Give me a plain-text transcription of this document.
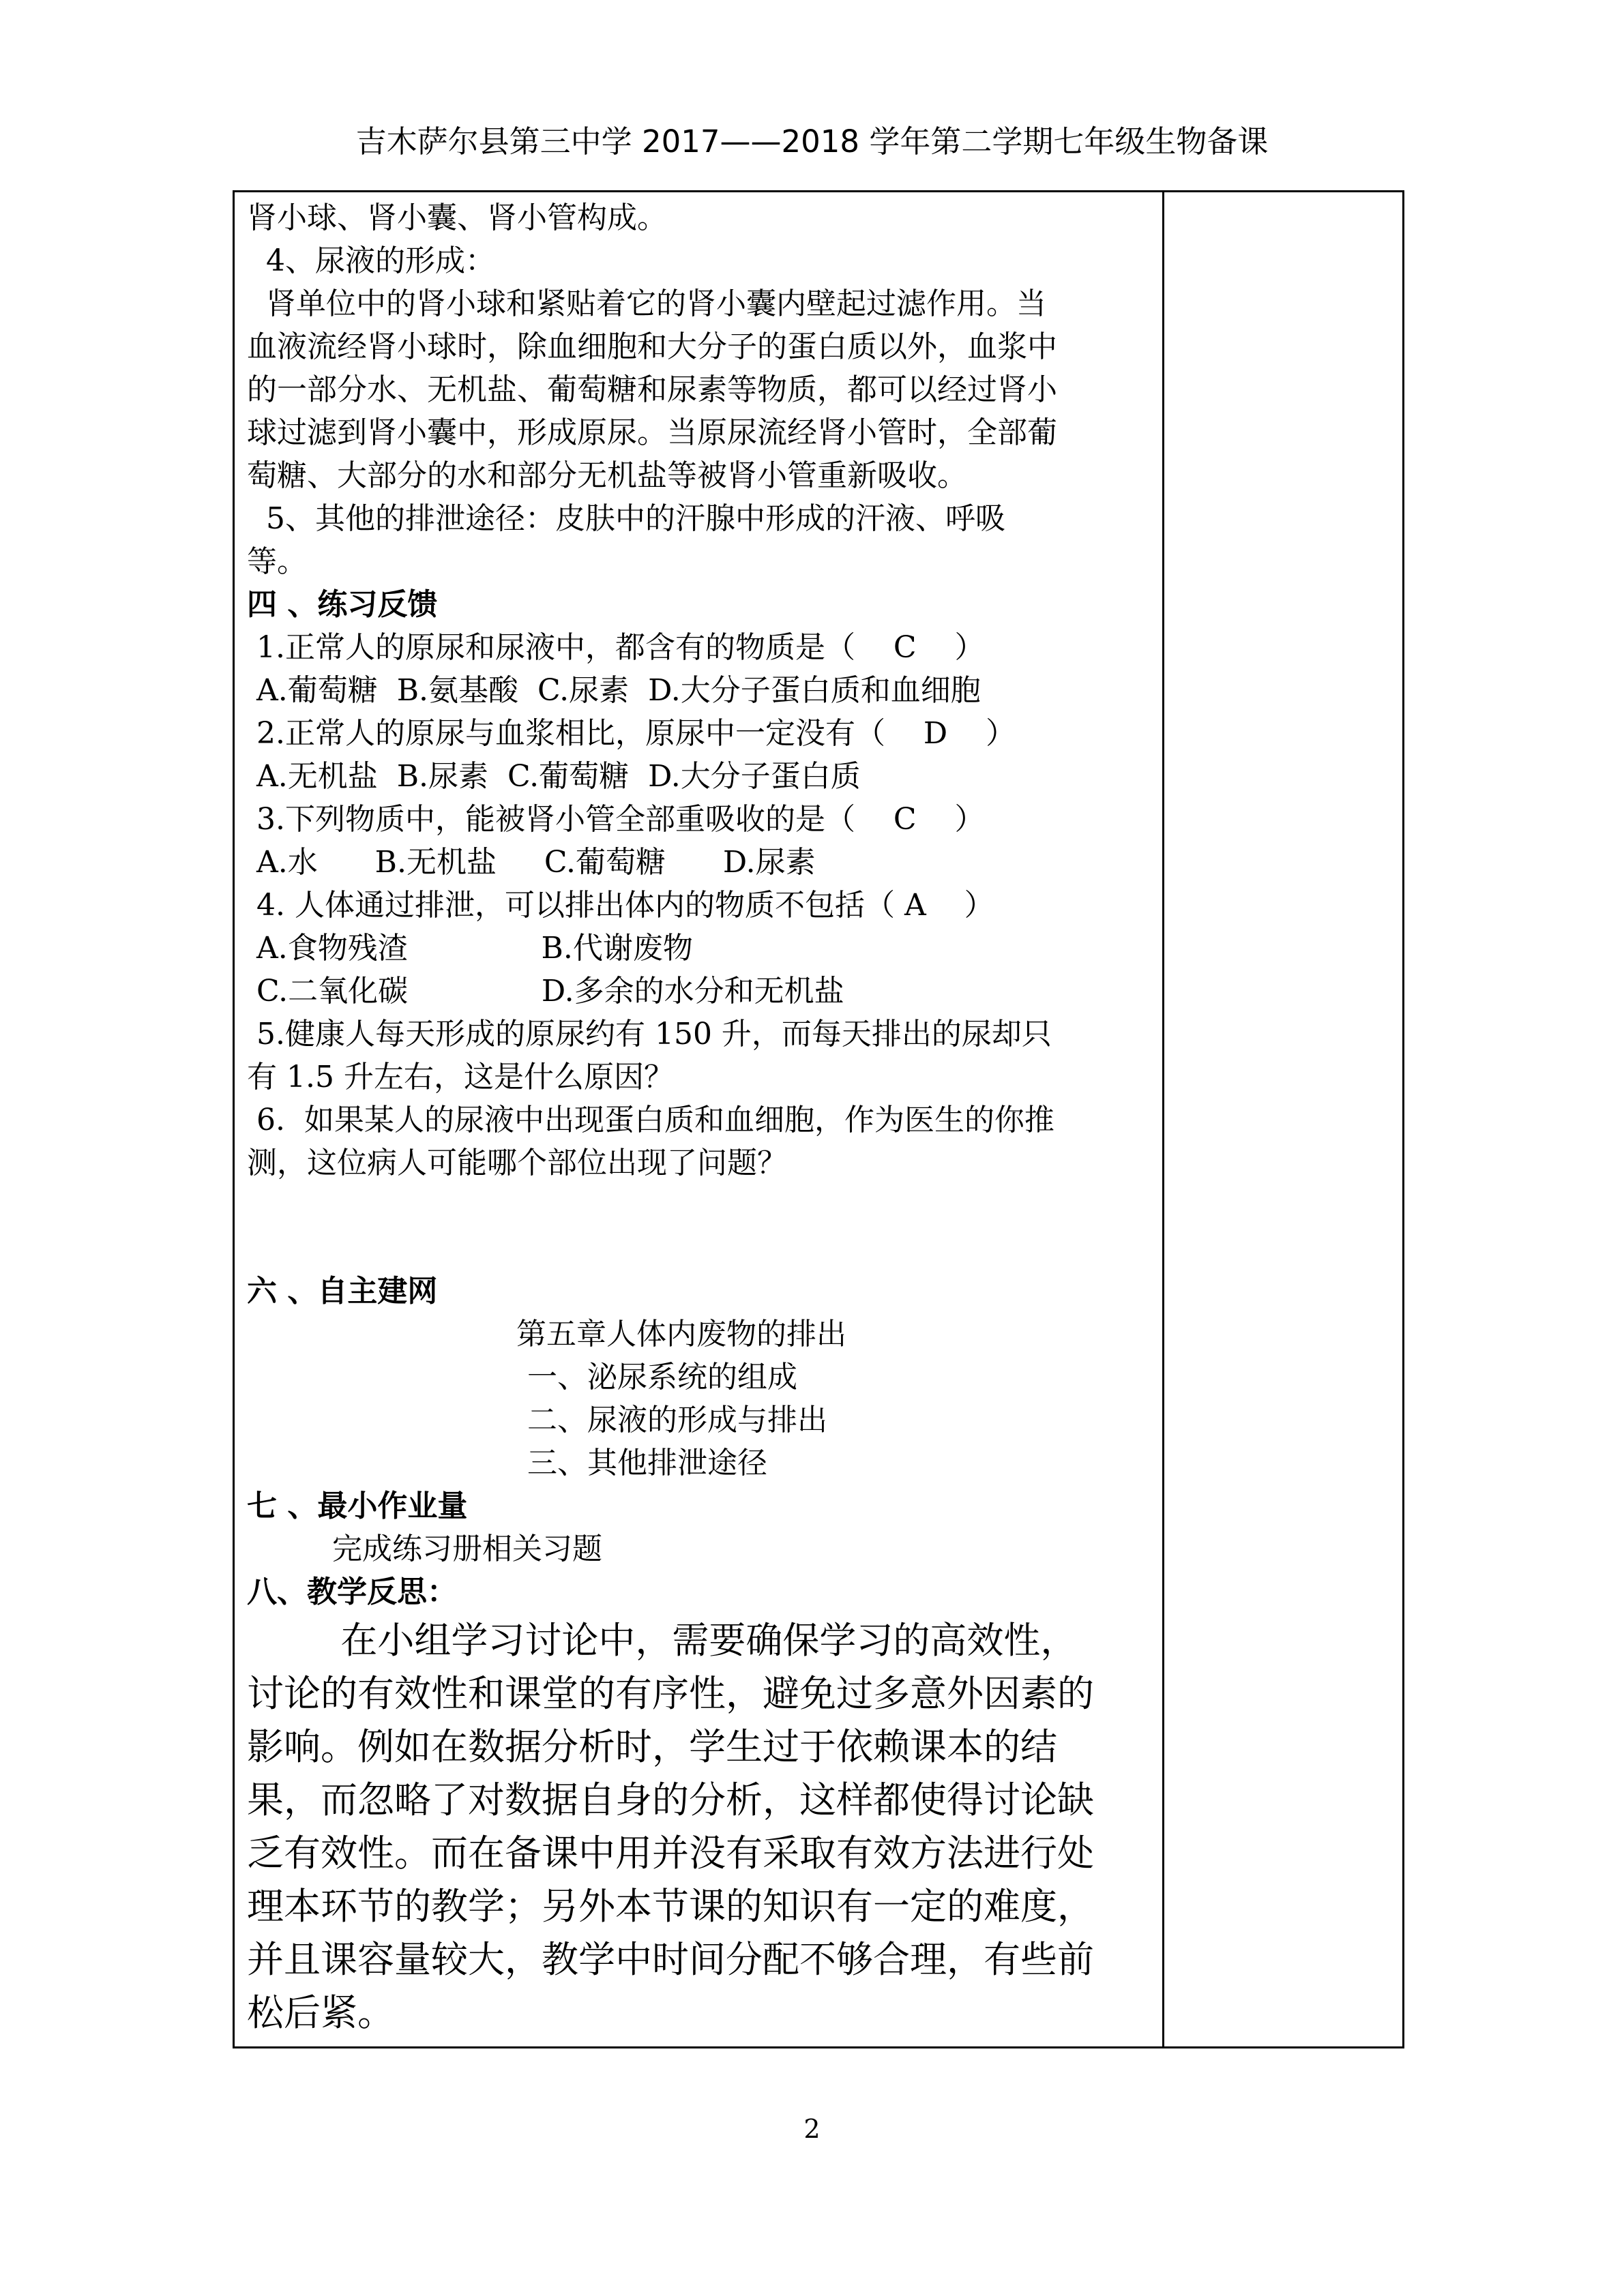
吉木萨尔县第三中学 2017——2018 学年第二学期七年级生物备课
肾小球、肾小囊、肾小管构成。
4、尿液的形成：
肾单位中的肾小球和紧贴着它的肾小囊内壁起过滤作用。当
血液流经肾小球时，除血细胞和大分子的蛋白质以外，血浆中
的一部分水、无机盐、葡萄糖和尿素等物质，都可以经过肾小
球过滤到肾小囊中，形成原尿。当原尿流经肾小管时，全部葡
萄糖、大部分的水和部分无机盐等被肾小管重新吸收。
5、其他的排泄途径：皮肤中的汗腺中形成的汗液、呼吸
等。
四 、练习反馈
1.正常人的原尿和尿液中，都含有的物质是（    C    ）
A.葡萄糖  B.氨基酸  C.尿素  D.大分子蛋白质和血细胞
2.正常人的原尿与血浆相比，原尿中一定没有（    D    ）
A.无机盐  B.尿素  C.葡萄糖  D.大分子蛋白质
3.下列物质中，能被肾小管全部重吸收的是（    C    ）
A.水      B.无机盐     C.葡萄糖      D.尿素
4. 人体通过排泄，可以排出体内的物质不包括（ A    ）
A.食物残渣              B.代谢废物
C.二氧化碳              D.多余的水分和无机盐
5.健康人每天形成的原尿约有 150 升，而每天排出的尿却只
有 1.5 升左右，这是什么原因？
6.  如果某人的尿液中出现蛋白质和血细胞，作为医生的你推
测，这位病人可能哪个部位出现了问题？
六 、自主建网
第五章人体内废物的排出
一、泌尿系统的组成
二、尿液的形成与排出
三、其他排泄途径
七 、最小作业量
完成练习册相关习题
八、教学反思：
在小组学习讨论中，需要确保学习的高效性，
讨论的有效性和课堂的有序性，避免过多意外因素的
影响。例如在数据分析时，学生过于依赖课本的结
果，而忽略了对数据自身的分析，这样都使得讨论缺
乏有效性。而在备课中用并没有采取有效方法进行处
理本环节的教学；另外本节课的知识有一定的难度，
并且课容量较大，教学中时间分配不够合理，有些前
松后紧。
2
